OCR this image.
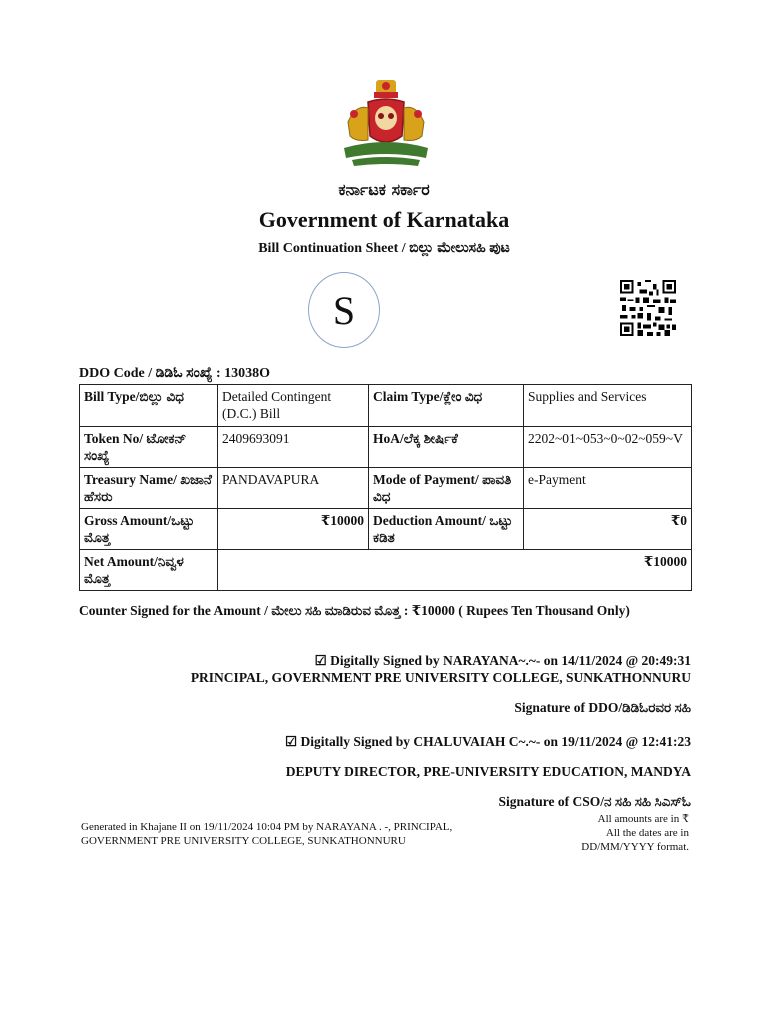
ಕರ್ನಾಟಕ ಸರ್ಕಾರ
Government of Karnataka
Bill Continuation Sheet / ಬಿಲ್ಲು ಮೇಲುಸಹಿ ಪುಟ
S
DDO Code / ಡಿಡಿಓ ಸಂಖ್ಯೆ : 13038O
Bill Type/ಬಿಲ್ಲು ವಿಧ	Detailed Contingent (D.C.) Bill	Claim Type/ಕ್ಲೇಂ ವಿಧ	Supplies and Services
Token No/ ಟೋಕನ್ ಸಂಖ್ಯೆ	2409693091	HoA/ಲೆಕ್ಕ ಶೀರ್ಷಿಕೆ	2202~01~053~0~02~059~V
Treasury Name/ ಖಜಾನೆ ಹೆಸರು	PANDAVAPURA	Mode of Payment/ ಪಾವತಿ ವಿಧ	e-Payment
Gross Amount/ಒಟ್ಟು ಮೊತ್ತ	₹10000	Deduction Amount/ ಒಟ್ಟು ಕಡಿತ	₹0
Net Amount/ನಿವ್ವಳ ಮೊತ್ತ	₹10000		
Counter Signed for the Amount / ಮೇಲು ಸಹಿ ಮಾಡಿರುವ ಮೊತ್ತ : ₹10000 ( Rupees Ten Thousand Only)
☑ Digitally Signed by NARAYANA~.~- on 14/11/2024 @ 20:49:31
PRINCIPAL, GOVERNMENT PRE UNIVERSITY COLLEGE, SUNKATHONNURU
Signature of DDO/ಡಿಡಿಓರವರ ಸಹಿ
☑ Digitally Signed by CHALUVAIAH C~.~- on 19/11/2024 @ 12:41:23
DEPUTY DIRECTOR, PRE-UNIVERSITY EDUCATION, MANDYA
Signature of CSO/ನ ಸಹಿ ಸಹಿ ಸಿಎಸ್ಓ
Generated in Khajane II on 19/11/2024 10:04 PM by NARAYANA . -, PRINCIPAL,
GOVERNMENT PRE UNIVERSITY COLLEGE, SUNKATHONNURU
All amounts are in ₹
All the dates are in
DD/MM/YYYY format.
